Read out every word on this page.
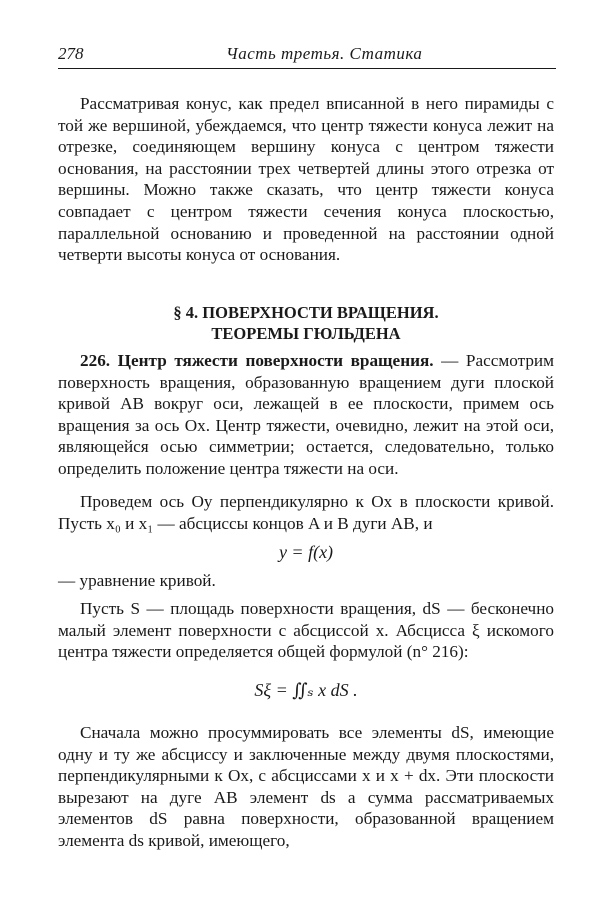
278	Часть третья. Статика

Рассматривая конус, как предел вписанной в него пирамиды с той же вершиной, убеждаемся, что центр тяжести конуса лежит на отрезке, соединяющем вершину конуса с центром тяжести основания, на расстоянии трех четвертей длины этого отрезка от вершины. Можно также сказать, что центр тяжести конуса совпадает с центром тяжести сечения конуса плоскостью, параллельной основанию и проведенной на расстоянии одной четверти высоты конуса от основания.

§ 4. ПОВЕРХНОСТИ ВРАЩЕНИЯ.
ТЕОРЕМЫ ГЮЛЬДЕНА

226. Центр тяжести поверхности вращения. — Рассмотрим поверхность вращения, образованную вращением дуги плоской кривой AB вокруг оси, лежащей в ее плоскости, примем ось вращения за ось Ox. Центр тяжести, очевидно, лежит на этой оси, являющейся осью симметрии; остается, следовательно, только определить положение центра тяжести на оси.

Проведем ось Oy перпендикулярно к Ox в плоскости кривой. Пусть x₀ и x₁ — абсциссы концов A и B дуги AB, и

y = f(x)

— уравнение кривой.

Пусть S — площадь поверхности вращения, dS — бесконечно малый элемент поверхности с абсциссой x. Абсцисса ξ искомого центра тяжести определяется общей формулой (n° 216):

Sξ = ∬ₛ x dS .

Сначала можно просуммировать все элементы dS, имеющие одну и ту же абсциссу и заключенные между двумя плоскостями, перпендикулярными к Ox, с абсциссами x и x + dx. Эти плоскости вырезают на дуге AB элемент ds а сумма рассматриваемых элементов dS равна поверхности, образованной вращением элемента ds кривой, имеющего,
